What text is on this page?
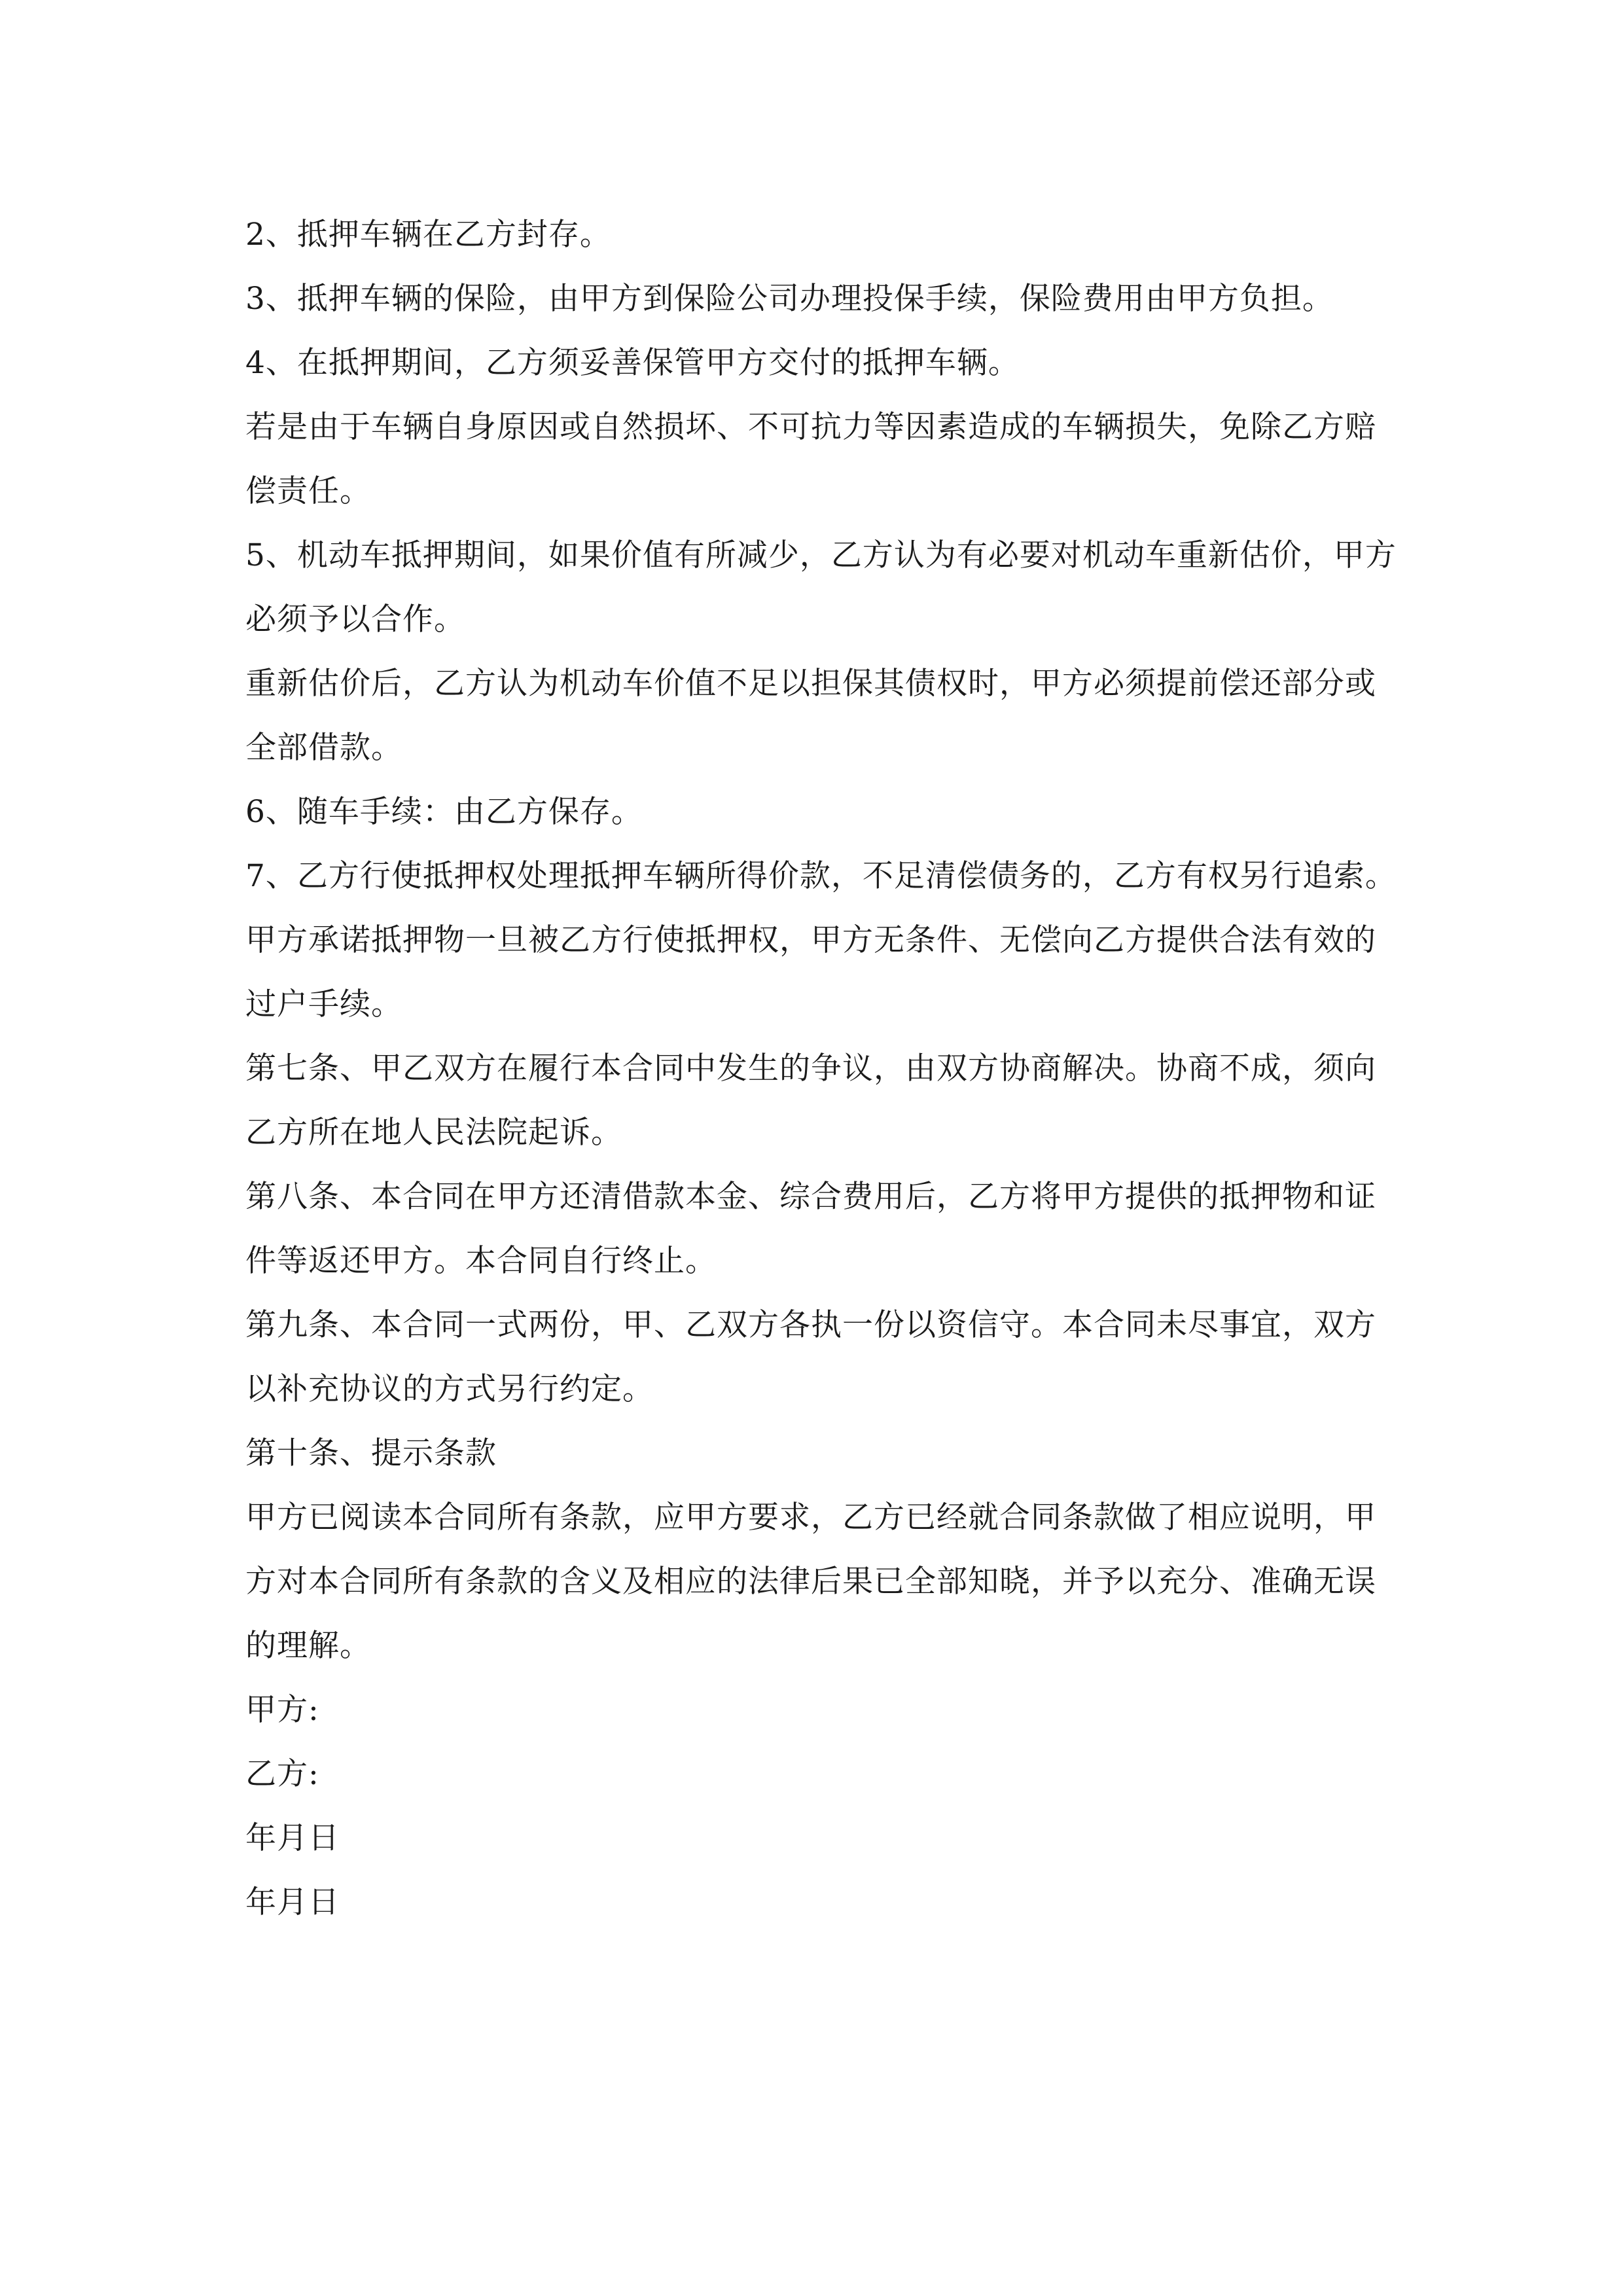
2、抵押车辆在乙方封存。

3、抵押车辆的保险，由甲方到保险公司办理投保手续，保险费用由甲方负担。

4、在抵押期间，乙方须妥善保管甲方交付的抵押车辆。

若是由于车辆自身原因或自然损坏、不可抗力等因素造成的车辆损失，免除乙方赔偿责任。

5、机动车抵押期间，如果价值有所减少，乙方认为有必要对机动车重新估价，甲方必须予以合作。

重新估价后，乙方认为机动车价值不足以担保其债权时，甲方必须提前偿还部分或全部借款。

6、随车手续：由乙方保存。

7、乙方行使抵押权处理抵押车辆所得价款，不足清偿债务的，乙方有权另行追索。

甲方承诺抵押物一旦被乙方行使抵押权，甲方无条件、无偿向乙方提供合法有效的过户手续。

第七条、甲乙双方在履行本合同中发生的争议，由双方协商解决。协商不成，须向乙方所在地人民法院起诉。

第八条、本合同在甲方还清借款本金、综合费用后，乙方将甲方提供的抵押物和证件等返还甲方。本合同自行终止。

第九条、本合同一式两份，甲、乙双方各执一份以资信守。本合同未尽事宜，双方以补充协议的方式另行约定。

第十条、提示条款

甲方已阅读本合同所有条款，应甲方要求，乙方已经就合同条款做了相应说明，甲方对本合同所有条款的含义及相应的法律后果已全部知晓，并予以充分、准确无误的理解。

甲方:

乙方:

年月日

年月日
